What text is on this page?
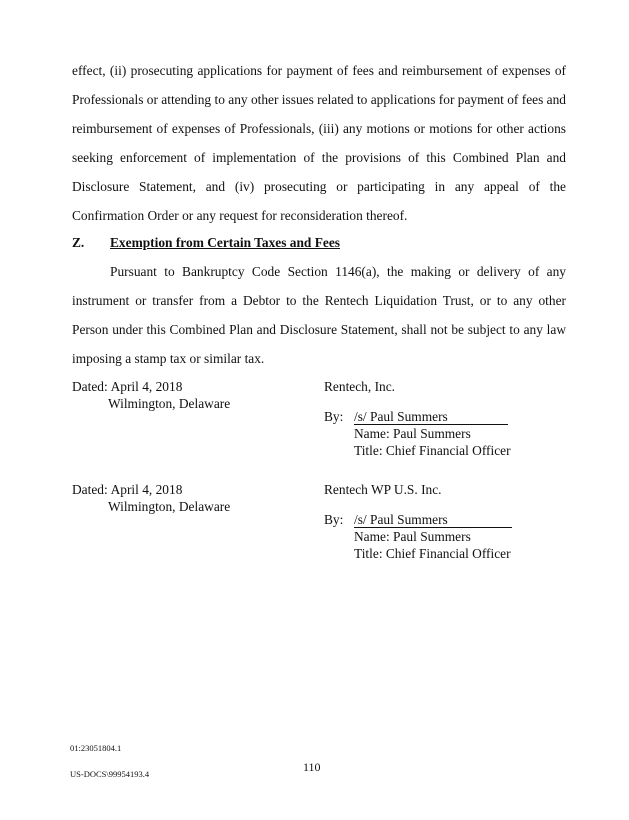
effect, (ii) prosecuting applications for payment of fees and reimbursement of expenses of Professionals or attending to any other issues related to applications for payment of fees and reimbursement of expenses of Professionals, (iii) any motions or motions for other actions seeking enforcement of implementation of the provisions of this Combined Plan and Disclosure Statement, and (iv) prosecuting or participating in any appeal of the Confirmation Order or any request for reconsideration thereof.

Z. Exemption from Certain Taxes and Fees

Pursuant to Bankruptcy Code Section 1146(a), the making or delivery of any instrument or transfer from a Debtor to the Rentech Liquidation Trust, or to any other Person under this Combined Plan and Disclosure Statement, shall not be subject to any law imposing a stamp tax or similar tax.

Dated: April 4, 2018
Wilmington, Delaware
Rentech, Inc.
By: /s/ Paul Summers
Name: Paul Summers
Title: Chief Financial Officer
Dated: April 4, 2018
Wilmington, Delaware
Rentech WP U.S. Inc.
By: /s/ Paul Summers
Name: Paul Summers
Title: Chief Financial Officer
01:23051804.1
110
US-DOCS\99954193.4
